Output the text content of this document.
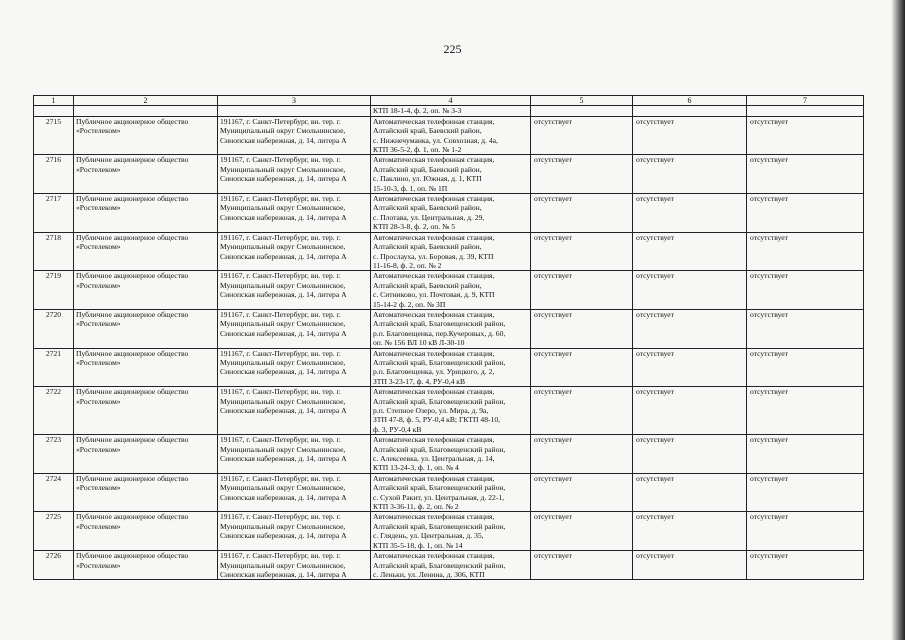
225
1	2	3	4	5	6	7
			КТП 18-1-4, ф. 2, оп. № 3-3			
2715	Публичное акционерное общество
«Ростелеком»	191167, г. Санкт-Петербург, вн. тер. г.
Муниципальный округ Смольнинское,
Синопская набережная, д. 14, литера А	Автоматическая телефонная станция,
Алтайский край, Баевский район,
с. Нижнечуманка, ул. Совхозная, д. 4а,
КТП 36-5-2, ф. 1, оп. № 1-2	отсутствует	отсутствует	отсутствует
2716	Публичное акционерное общество
«Ростелеком»	191167, г. Санкт-Петербург, вн. тер. г.
Муниципальный округ Смольнинское,
Синопская набережная, д. 14, литера А	Автоматическая телефонная станция,
Алтайский край, Баевский район,
с. Паклино, ул. Южная, д. 1, КТП
15-10-3, ф. 1, оп. № 1П	отсутствует	отсутствует	отсутствует
2717	Публичное акционерное общество
«Ростелеком»	191167, г. Санкт-Петербург, вн. тер. г.
Муниципальный округ Смольнинское,
Синопская набережная, д. 14, литера А	Автоматическая телефонная станция,
Алтайский край, Баевский район,
с. Плотава, ул. Центральная, д. 29,
КТП 28-3-8, ф. 2, оп. № 5	отсутствует	отсутствует	отсутствует
2718	Публичное акционерное общество
«Ростелеком»	191167, г. Санкт-Петербург, вн. тер. г.
Муниципальный округ Смольнинское,
Синопская набережная, д. 14, литера А	Автоматическая телефонная станция,
Алтайский край, Баевский район,
с. Прослауха, ул. Боровая, д. 39, КТП
11-16-8, ф. 2, оп. № 2	отсутствует	отсутствует	отсутствует
2719	Публичное акционерное общество
«Ростелеком»	191167, г. Санкт-Петербург, вн. тер. г.
Муниципальный округ Смольнинское,
Синопская набережная, д. 14, литера А	Автоматическая телефонная станция,
Алтайский край, Баевский район,
с. Ситниково, ул. Почтовая, д. 9, КТП
15-14-2 ф. 2, оп. № 3П	отсутствует	отсутствует	отсутствует
2720	Публичное акционерное общество
«Ростелеком»	191167, г. Санкт-Петербург, вн. тер. г.
Муниципальный округ Смольнинское,
Синопская набережная, д. 14, литера А	Автоматическая телефонная станция,
Алтайский край, Благовещенский район,
р.п. Благовещенка, пер.Кучеровых, д. 60,
оп. № 156 ВЛ 10 кВ Л-30-10	отсутствует	отсутствует	отсутствует
2721	Публичное акционерное общество
«Ростелеком»	191167, г. Санкт-Петербург, вн. тер. г.
Муниципальный округ Смольнинское,
Синопская набережная, д. 14, литера А	Автоматическая телефонная станция,
Алтайский край, Благовещенский район,
р.п. Благовещенка, ул. Урицкого, д. 2,
ЗТП 3-23-17, ф. 4, РУ-0,4 кВ	отсутствует	отсутствует	отсутствует
2722	Публичное акционерное общество
«Ростелеком»	191167, г. Санкт-Петербург, вн. тер. г.
Муниципальный округ Смольнинское,
Синопская набережная, д. 14, литера А	Автоматическая телефонная станция,
Алтайский край, Благовещенский район,
р.п. Степное Озеро, ул. Мира, д. 9а,
ЗТП 47-8, ф. 5, РУ-0,4 кВ; ГКТП 48-10,
ф. 3, РУ-0,4 кВ	отсутствует	отсутствует	отсутствует
2723	Публичное акционерное общество
«Ростелеком»	191167, г. Санкт-Петербург, вн. тер. г.
Муниципальный округ Смольнинское,
Синопская набережная, д. 14, литера А	Автоматическая телефонная станция,
Алтайский край, Благовещенский район,
с. Алексеевка, ул. Центральная, д. 14,
КТП 13-24-3, ф. 1, оп. № 4	отсутствует	отсутствует	отсутствует
2724	Публичное акционерное общество
«Ростелеком»	191167, г. Санкт-Петербург, вн. тер. г.
Муниципальный округ Смольнинское,
Синопская набережная, д. 14, литера А	Автоматическая телефонная станция,
Алтайский край, Благовещенский район,
с. Сухой Ракит, ул. Центральная, д. 22-1,
КТП 3-36-11, ф. 2, оп. № 2	отсутствует	отсутствует	отсутствует
2725	Публичное акционерное общество
«Ростелеком»	191167, г. Санкт-Петербург, вн. тер. г.
Муниципальный округ Смольнинское,
Синопская набережная, д. 14, литера А	Автоматическая телефонная станция,
Алтайский край, Благовещенский район,
с. Глядень, ул. Центральная, д. 35,
КТП 35-5-18, ф. 1, оп. № 14	отсутствует	отсутствует	отсутствует
2726	Публичное акционерное общество
«Ростелеком»	191167, г. Санкт-Петербург, вн. тер. г.
Муниципальный округ Смольнинское,
Синопская набережная, д. 14, литера А	Автоматическая телефонная станция,
Алтайский край, Благовещенский район,
с. Леньки, ул. Ленина, д. 306, КТП	отсутствует	отсутствует	отсутствует
